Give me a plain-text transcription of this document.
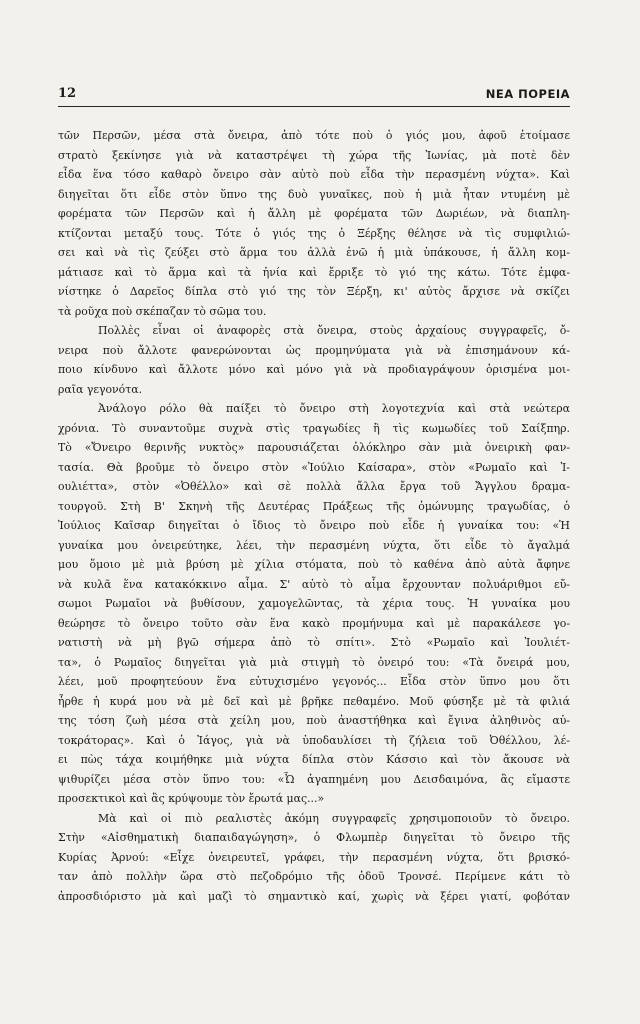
12	ΝΕΑ ΠΟΡΕΙΑ
τῶν Περσῶν, μέσα στὰ ὄνειρα, ἀπὸ τότε ποὺ ὁ γιός μου, ἀφοῦ ἑτοίμασε
στρατὸ ξεκίνησε γιὰ νὰ καταστρέψει τὴ χώρα τῆς Ἰωνίας, μὰ ποτὲ δὲν
εἶδα ἕνα τόσο καθαρὸ ὄνειρο σὰν αὐτὸ ποὺ εἶδα τὴν περασμένη νύχτα». Καὶ
διηγεῖται ὅτι εἶδε στὸν ὕπνο της δυὸ γυναῖκες, ποὺ ἡ μιὰ ἦταν ντυμένη μὲ
φορέματα τῶν Περσῶν καὶ ἡ ἄλλη μὲ φορέματα τῶν Δωριέων, νὰ διαπλη-
κτίζονται μεταξύ τους. Τότε ὁ γιός της ὁ Ξέρξης θέλησε νὰ τὶς συμφιλιώ-
σει καὶ νὰ τὶς ζεύξει στὸ ἅρμα του ἀλλὰ ἐνῶ ἡ μιὰ ὑπάκουσε, ἡ ἄλλη κομ-
μάτιασε καὶ τὸ ἅρμα καὶ τὰ ἡνία καὶ ἔρριξε τὸ γιό της κάτω. Τότε ἐμφα-
νίστηκε ὁ Δαρεῖος δίπλα στὸ γιό της τὸν Ξέρξη, κι' αὐτὸς ἄρχισε νὰ σκίζει
τὰ ροῦχα ποὺ σκέπαζαν τὸ σῶμα του.
Πολλὲς εἶναι οἱ ἀναφορὲς στὰ ὄνειρα, στοὺς ἀρχαίους συγγραφεῖς, ὄ-
νειρα ποὺ ἄλλοτε φανερώνονται ὡς προμηνύματα γιὰ νὰ ἐπισημάνουν κά-
ποιο κίνδυνο καὶ ἄλλοτε μόνο καὶ μόνο γιὰ νὰ προδιαγράψουν ὁρισμένα μοι-
ραῖα γεγονότα.
Ἀνάλογο ρόλο θὰ παίξει τὸ ὄνειρο στὴ λογοτεχνία καὶ στὰ νεώτερα
χρόνια. Τὸ συναντοῦμε συχνὰ στὶς τραγωδίες ἢ τὶς κωμωδίες τοῦ Σαίξπηρ.
Τὸ «Ὄνειρο θερινῆς νυκτὸς» παρουσιάζεται ὁλόκληρο σὰν μιὰ ὀνειρικὴ φαν-
τασία. Θὰ βροῦμε τὸ ὄνειρο στὸν «Ἰούλιο Καίσαρα», στὸν «Ρωμαῖο καὶ Ἰ-
ουλιέττα», στὸν «Ὀθέλλο» καὶ σὲ πολλὰ ἄλλα ἔργα τοῦ Ἄγγλου δραμα-
τουργοῦ. Στὴ Β' Σκηνὴ τῆς Δευτέρας Πράξεως τῆς ὁμώνυμης τραγωδίας, ὁ
Ἰούλιος Καῖσαρ διηγεῖται ὁ ἴδιος τὸ ὄνειρο ποὺ εἶδε ἡ γυναίκα του: «Ἡ
γυναίκα μου ὀνειρεύτηκε, λέει, τὴν περασμένη νύχτα, ὅτι εἶδε τὸ ἄγαλμά
μου ὅμοιο μὲ μιὰ βρύση μὲ χίλια στόματα, ποὺ τὸ καθένα ἀπὸ αὐτὰ ἄφηνε
νὰ κυλᾶ ἕνα κατακόκκινο αἷμα. Σ' αὐτὸ τὸ αἷμα ἔρχουνταν πολυάριθμοι εὔ-
σωμοι Ρωμαῖοι νὰ βυθίσουν, χαμογελῶντας, τὰ χέρια τους. Ἡ γυναίκα μου
θεώρησε τὸ ὄνειρο τοῦτο σὰν ἕνα κακὸ προμήνυμα καὶ μὲ παρακάλεσε γο-
νατιστὴ νὰ μὴ βγῶ σήμερα ἀπὸ τὸ σπίτι». Στὸ «Ρωμαῖο καὶ Ἰουλιέτ-
τα», ὁ Ρωμαῖος διηγεῖται γιὰ μιὰ στιγμὴ τὸ ὀνειρό του: «Τὰ ὄνειρά μου,
λέει, μοῦ προφητεύουν ἕνα εὐτυχισμένο γεγονός... Εἶδα στὸν ὕπνο μου ὅτι
ἦρθε ἡ κυρά μου νὰ μὲ δεῖ καὶ μὲ βρῆκε πεθαμένο. Μοῦ φύσηξε μὲ τὰ φιλιά
της τόση ζωὴ μέσα στὰ χείλη μου, ποὺ ἀναστήθηκα καὶ ἔγινα ἀληθινὸς αὐ-
τοκράτορας». Καὶ ὁ Ἰάγος, γιὰ νὰ ὑποδαυλίσει τὴ ζήλεια τοῦ Ὀθέλλου, λέ-
ει πὼς τάχα κοιμήθηκε μιὰ νύχτα δίπλα στὸν Κάσσιο καὶ τὸν ἄκουσε νὰ
ψιθυρίζει μέσα στὸν ὕπνο του: «Ὦ ἀγαπημένη μου Δεισδαιμόνα, ἂς εἴμαστε
προσεκτικοὶ καὶ ἂς κρύψουμε τὸν ἔρωτά μας...»
Μὰ καὶ οἱ πιὸ ρεαλιστὲς ἀκόμη συγγραφεῖς χρησιμοποιοῦν τὸ ὄνειρο.
Στὴν «Αἰσθηματικὴ διαπαιδαγώγηση», ὁ Φλωμπὲρ διηγεῖται τὸ ὄνειρο τῆς
Κυρίας Ἀρνού: «Εἶχε ὀνειρευτεῖ, γράφει, τὴν περασμένη νύχτα, ὅτι βρισκό-
ταν ἀπὸ πολλὴν ὥρα στὸ πεζοδρόμιο τῆς ὁδοῦ Τρονσέ. Περίμενε κάτι τὸ
ἀπροσδιόριστο μὰ καὶ μαζὶ τὸ σημαντικὸ καί, χωρὶς νὰ ξέρει γιατί, φοβόταν
